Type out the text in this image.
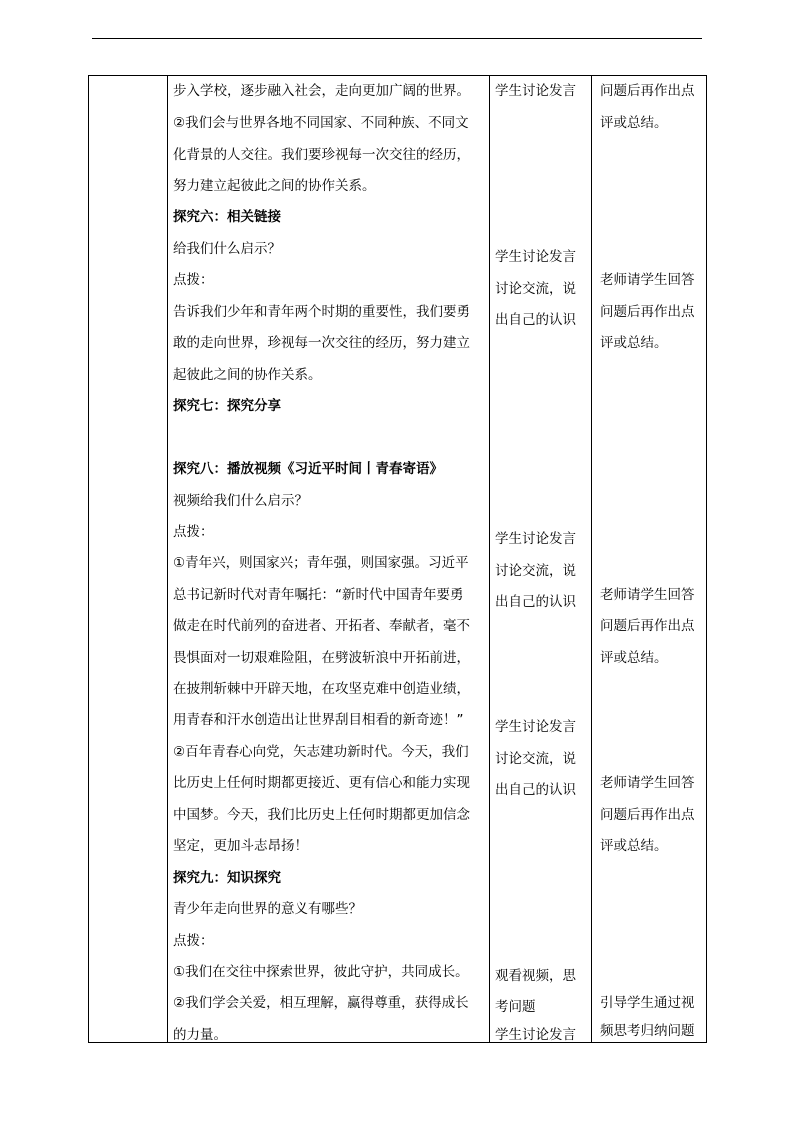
步入学校，逐步融入社会，走向更加广阔的世界。
②我们会与世界各地不同国家、不同种族、不同文
化背景的人交往。我们要珍视每一次交往的经历，
努力建立起彼此之间的协作关系。
探究六：相关链接
给我们什么启示？
点拨：
告诉我们少年和青年两个时期的重要性，我们要勇
敢的走向世界，珍视每一次交往的经历，努力建立
起彼此之间的协作关系。
探究七：探究分享
探究八：播放视频《习近平时间丨青春寄语》
视频给我们什么启示？
点拨：
①青年兴，则国家兴；青年强，则国家强。习近平
总书记新时代对青年嘱托：“新时代中国青年要勇
做走在时代前列的奋进者、开拓者、奉献者，毫不
畏惧面对一切艰难险阻，在劈波斩浪中开拓前进，
在披荆斩棘中开辟天地，在攻坚克难中创造业绩，
用青春和汗水创造出让世界刮目相看的新奇迹！”
②百年青春心向党，矢志建功新时代。今天，我们
比历史上任何时期都更接近、更有信心和能力实现
中国梦。今天，我们比历史上任何时期都更加信念
坚定，更加斗志昂扬！
探究九：知识探究
青少年走向世界的意义有哪些？
点拨：
①我们在交往中探索世界，彼此守护，共同成长。
②我们学会关爱，相互理解，赢得尊重，获得成长
的力量。
学生讨论发言
学生讨论发言
讨论交流，说
出自己的认识
学生讨论发言
讨论交流，说
出自己的认识
学生讨论发言
讨论交流，说
出自己的认识
观看视频，思
考问题
学生讨论发言
问题后再作出点
评或总结。
老师请学生回答
问题后再作出点
评或总结。
老师请学生回答
问题后再作出点
评或总结。
老师请学生回答
问题后再作出点
评或总结。
引导学生通过视
频思考归纳问题
